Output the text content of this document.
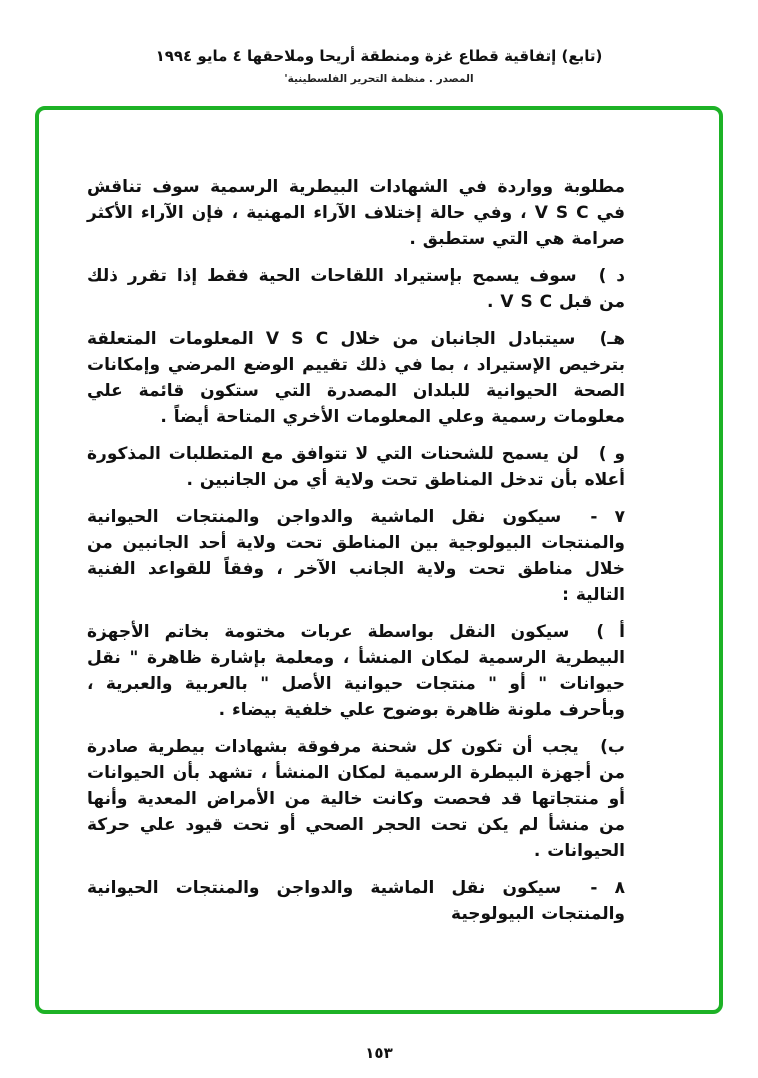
(تابع) إتفاقية قطاع غزة ومنطقة أريحا وملاحقها ٤ مايو ١٩٩٤
المصدر . منظمة التحرير الفلسطينية'

مطلوبة وواردة في الشهادات البيطرية الرسمية سوف تناقش في V S C ، وفي حالة إختلاف الآراء المهنية ، فإن الآراء الأكثر صرامة هي التي ستطبق .

د ) سوف يسمح بإستيراد اللقاحات الحية فقط إذا تقرر ذلك من قبل V S C .

هـ) سيتبادل الجانبان من خلال V S C المعلومات المتعلقة بترخيص الإستيراد ، بما في ذلك تقييم الوضع المرضي وإمكانات الصحة الحيوانية للبلدان المصدرة التي ستكون قائمة علي معلومات رسمية وعلي المعلومات الأخري المتاحة أيضاً .

و ) لن يسمح للشحنات التي لا تتوافق مع المتطلبات المذكورة أعلاه بأن تدخل المناطق تحت ولاية أي من الجانبين .

٧ - سيكون نقل الماشية والدواجن والمنتجات الحيوانية والمنتجات البيولوجية بين المناطق تحت ولاية أحد الجانبين من خلال مناطق تحت ولاية الجانب الآخر ، وفقاً للقواعد الفنية التالية :

أ ) سيكون النقل بواسطة عربات مختومة بخاتم الأجهزة البيطرية الرسمية لمكان المنشأ ، ومعلمة بإشارة ظاهرة " نقل حيوانات " أو " منتجات حيوانية الأصل " بالعربية والعبرية ، وبأحرف ملونة ظاهرة بوضوح علي خلفية بيضاء .

ب) يجب أن تكون كل شحنة مرفوقة بشهادات بيطرية صادرة من أجهزة البيطرة الرسمية لمكان المنشأ ، تشهد بأن الحيوانات أو منتجاتها قد فحصت وكانت خالية من الأمراض المعدية وأنها من منشأ لم يكن تحت الحجر الصحي أو تحت قيود علي حركة الحيوانات .

٨ - سيكون نقل الماشية والدواجن والمنتجات الحيوانية والمنتجات البيولوجية

١٥٣
